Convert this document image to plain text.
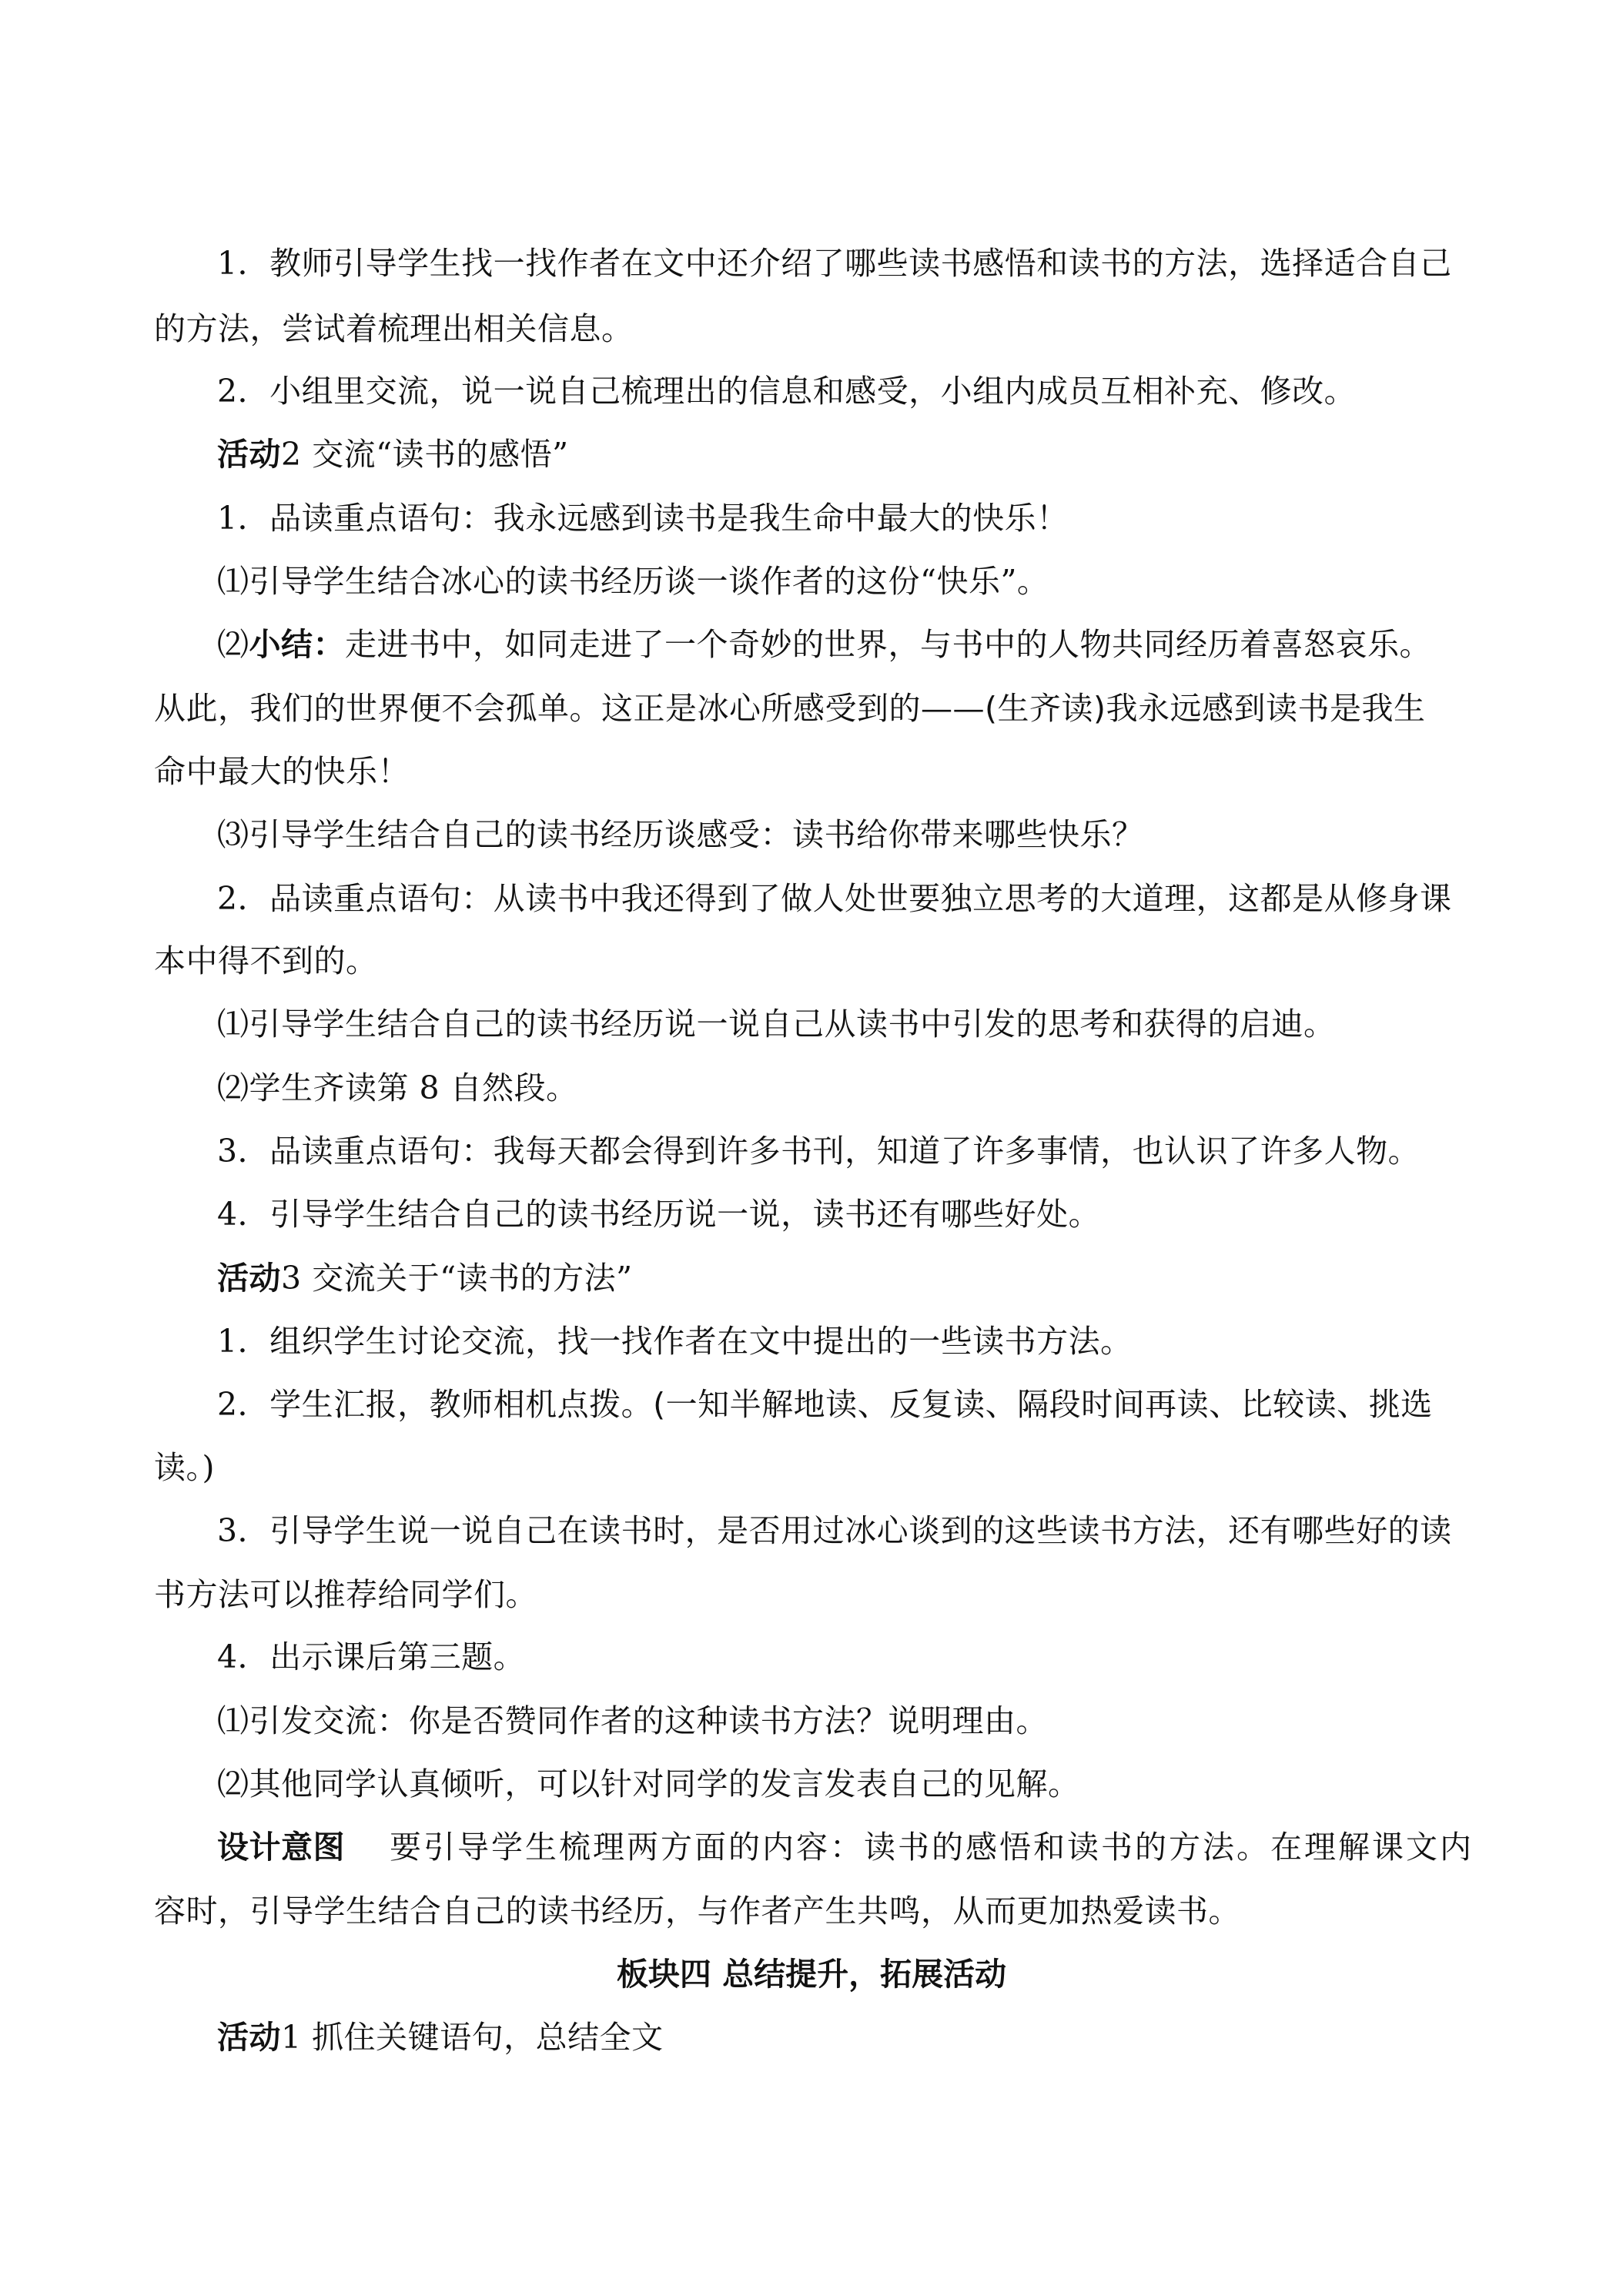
1．教师引导学生找一找作者在文中还介绍了哪些读书感悟和读书的方法，选择适合自己
的方法，尝试着梳理出相关信息。
2．小组里交流，说一说自己梳理出的信息和感受，小组内成员互相补充、修改。
活动2 交流“读书的感悟”
1．品读重点语句：我永远感到读书是我生命中最大的快乐！
⑴引导学生结合冰心的读书经历谈一谈作者的这份“快乐”。
⑵小结：走进书中，如同走进了一个奇妙的世界，与书中的人物共同经历着喜怒哀乐。
从此，我们的世界便不会孤单。这正是冰心所感受到的——(生齐读)我永远感到读书是我生
命中最大的快乐！
⑶引导学生结合自己的读书经历谈感受：读书给你带来哪些快乐？
2．品读重点语句：从读书中我还得到了做人处世要独立思考的大道理，这都是从修身课
本中得不到的。
⑴引导学生结合自己的读书经历说一说自己从读书中引发的思考和获得的启迪。
⑵学生齐读第 8 自然段。
3．品读重点语句：我每天都会得到许多书刊，知道了许多事情，也认识了许多人物。
4．引导学生结合自己的读书经历说一说，读书还有哪些好处。
活动3 交流关于“读书的方法”
1．组织学生讨论交流，找一找作者在文中提出的一些读书方法。
2．学生汇报，教师相机点拨。(一知半解地读、反复读、隔段时间再读、比较读、挑选
读。)
3．引导学生说一说自己在读书时，是否用过冰心谈到的这些读书方法，还有哪些好的读
书方法可以推荐给同学们。
4．出示课后第三题。
⑴引发交流：你是否赞同作者的这种读书方法？说明理由。
⑵其他同学认真倾听，可以针对同学的发言发表自己的见解。
设计意图 要引导学生梳理两方面的内容：读书的感悟和读书的方法。在理解课文内
容时，引导学生结合自己的读书经历，与作者产生共鸣，从而更加热爱读书。
板块四 总结提升，拓展活动
活动1 抓住关键语句，总结全文
